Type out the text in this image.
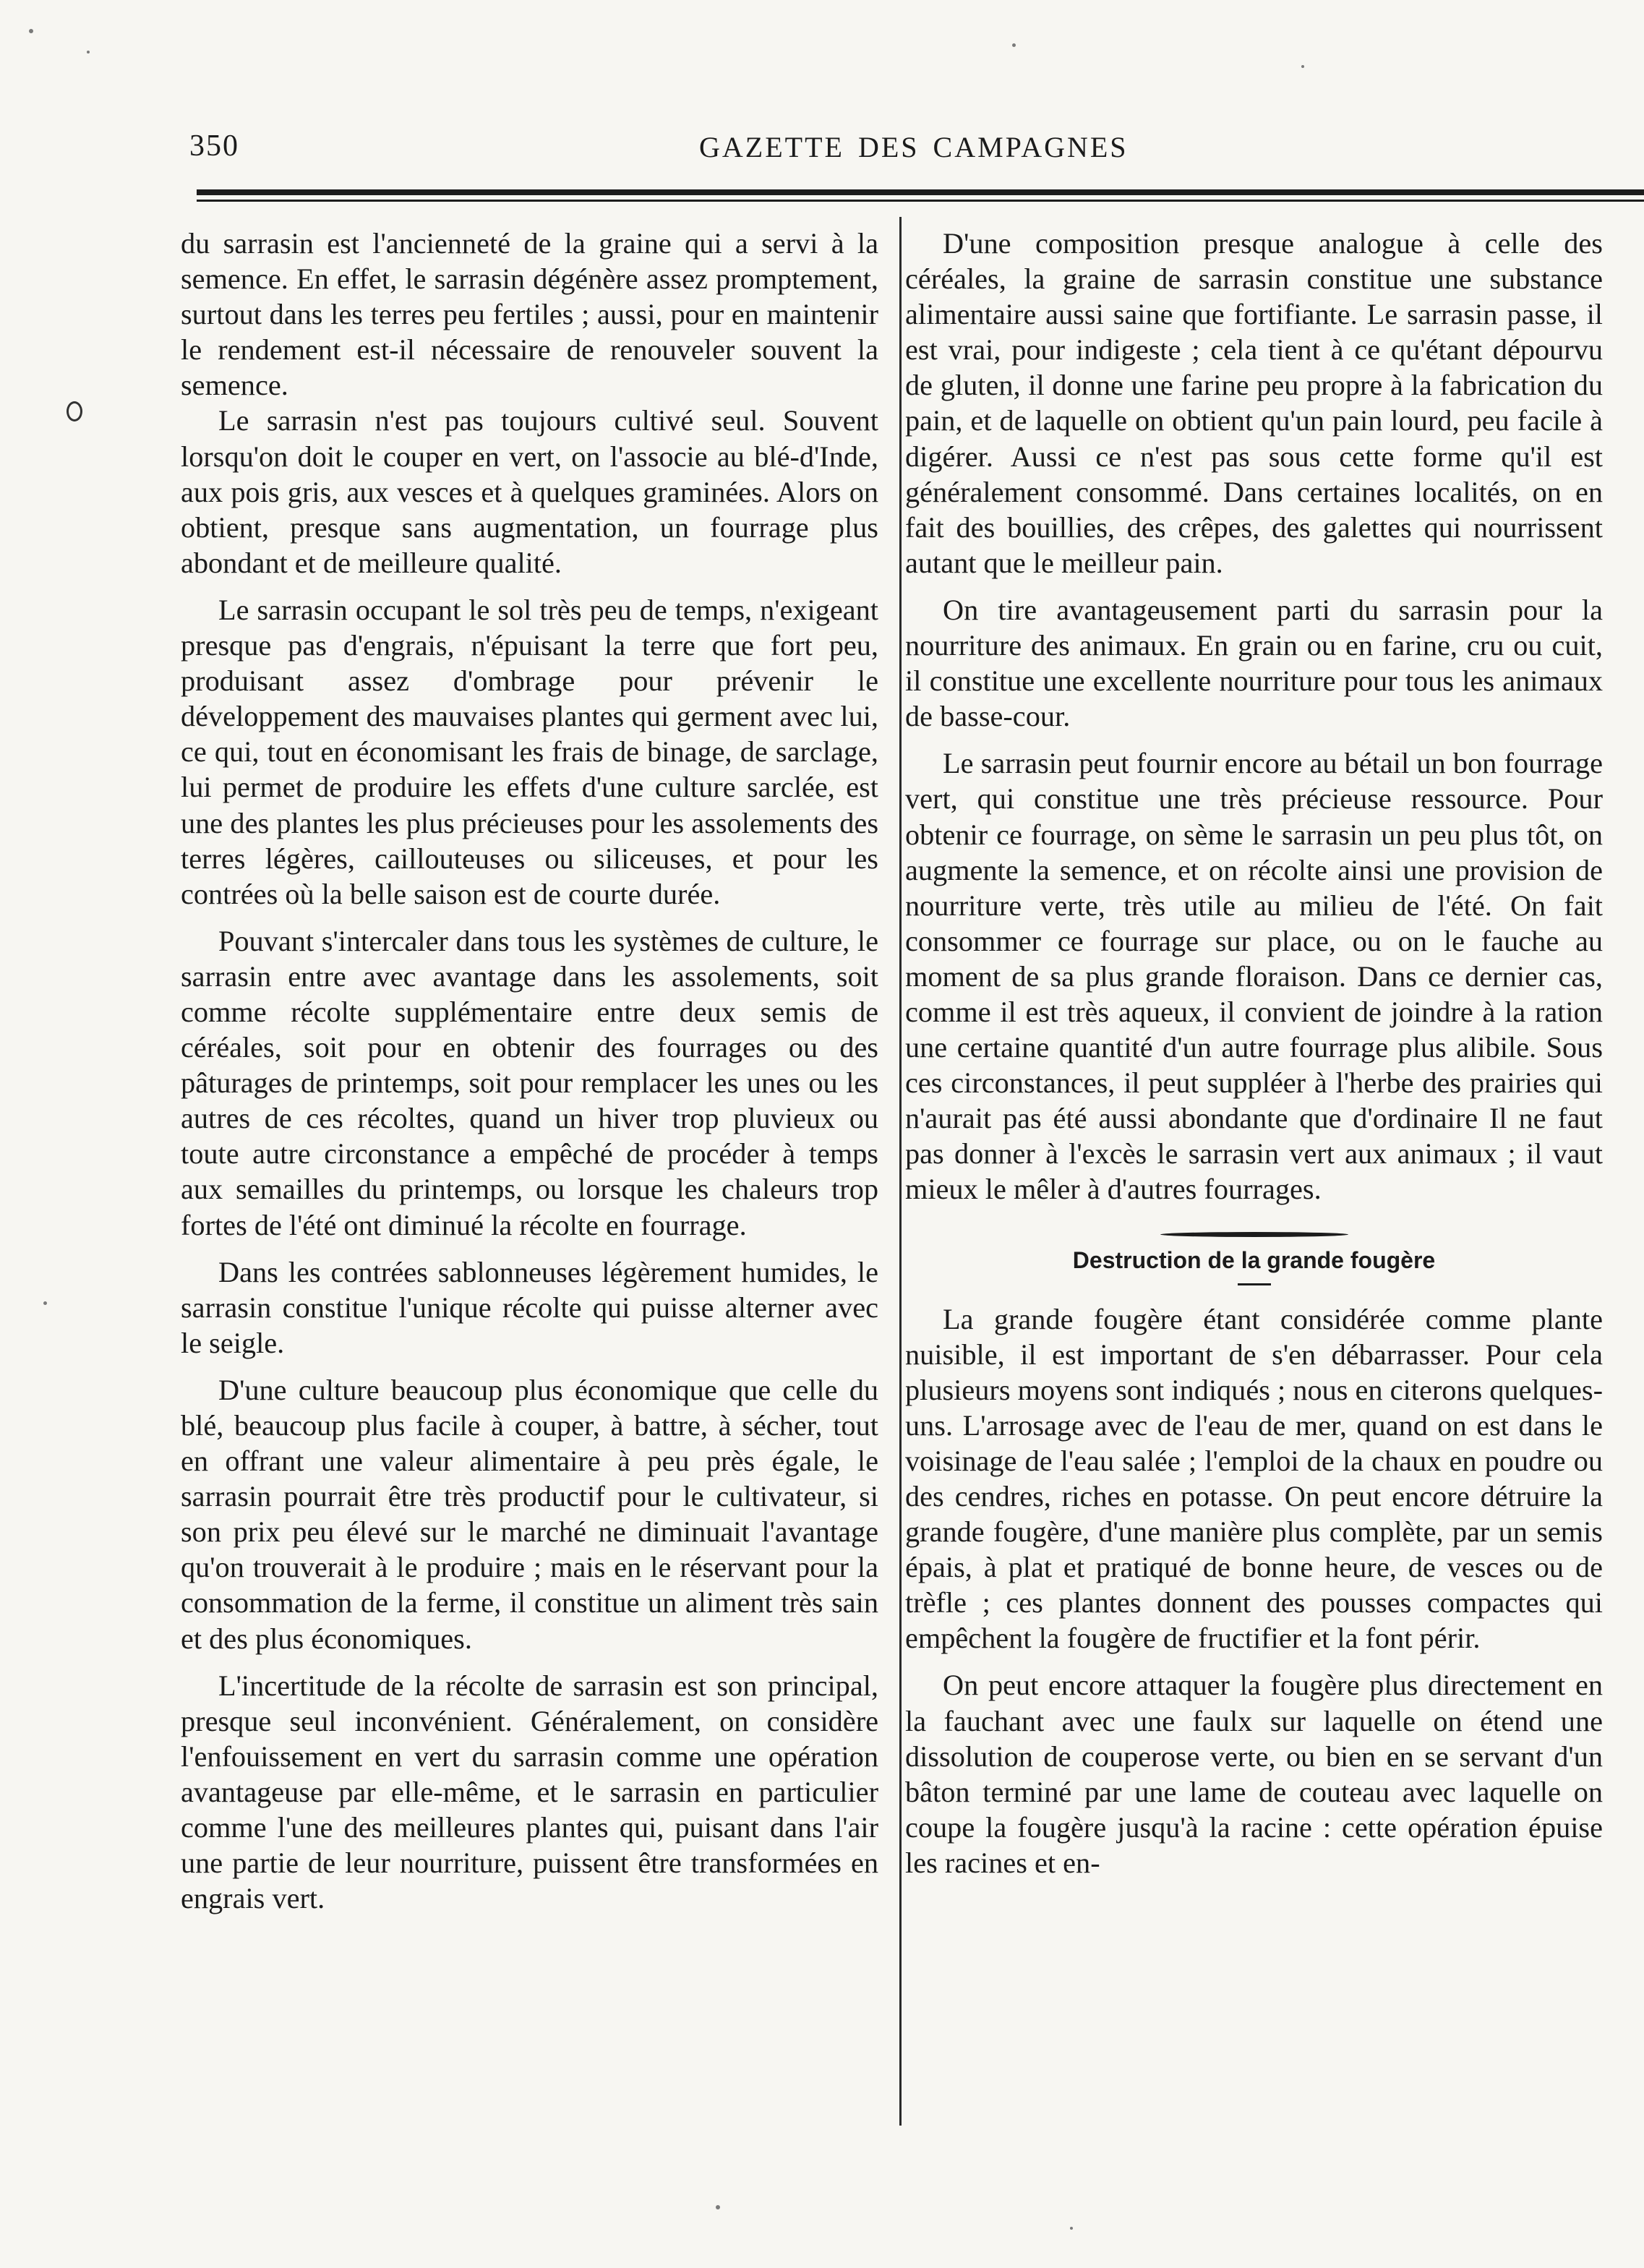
350	GAZETTE DES CAMPAGNES

du sarrasin est l'ancienneté de la graine qui a servi à la semence. En effet, le sarrasin dégénère assez promptement, surtout dans les terres peu fertiles ; aussi, pour en maintenir le rendement est-il nécessaire de renouveler souvent la semence.

Le sarrasin n'est pas toujours cultivé seul. Souvent lorsqu'on doit le couper en vert, on l'associe au blé-d'Inde, aux pois gris, aux vesces et à quelques graminées. Alors on obtient, presque sans augmentation, un fourrage plus abondant et de meilleure qualité.

Le sarrasin occupant le sol très peu de temps, n'exigeant presque pas d'engrais, n'épuisant la terre que fort peu, produisant assez d'ombrage pour prévenir le développement des mauvaises plantes qui germent avec lui, ce qui, tout en économisant les frais de binage, de sarclage, lui permet de produire les effets d'une culture sarclée, est une des plantes les plus précieuses pour les assolements des terres légères, caillouteuses ou siliceuses, et pour les contrées où la belle saison est de courte durée.

Pouvant s'intercaler dans tous les systèmes de culture, le sarrasin entre avec avantage dans les assolements, soit comme récolte supplémentaire entre deux semis de céréales, soit pour en obtenir des fourrages ou des pâturages de printemps, soit pour remplacer les unes ou les autres de ces récoltes, quand un hiver trop pluvieux ou toute autre circonstance a empêché de procéder à temps aux semailles du printemps, ou lorsque les chaleurs trop fortes de l'été ont diminué la récolte en fourrage.

Dans les contrées sablonneuses légèrement humides, le sarrasin constitue l'unique récolte qui puisse alterner avec le seigle.

D'une culture beaucoup plus économique que celle du blé, beaucoup plus facile à couper, à battre, à sécher, tout en offrant une valeur alimentaire à peu près égale, le sarrasin pourrait être très productif pour le cultivateur, si son prix peu élevé sur le marché ne diminuait l'avantage qu'on trouverait à le produire ; mais en le réservant pour la consommation de la ferme, il constitue un aliment très sain et des plus économiques.

L'incertitude de la récolte de sarrasin est son principal, presque seul inconvénient. Généralement, on considère l'enfouissement en vert du sarrasin comme une opération avantageuse par elle-même, et le sarrasin en particulier comme l'une des meilleures plantes qui, puisant dans l'air une partie de leur nourriture, puissent être transformées en engrais vert.

D'une composition presque analogue à celle des céréales, la graine de sarrasin constitue une substance alimentaire aussi saine que fortifiante. Le sarrasin passe, il est vrai, pour indigeste ; cela tient à ce qu'étant dépourvu de gluten, il donne une farine peu propre à la fabrication du pain, et de laquelle on obtient qu'un pain lourd, peu facile à digérer. Aussi ce n'est pas sous cette forme qu'il est généralement consommé. Dans certaines localités, on en fait des bouillies, des crêpes, des galettes qui nourrissent autant que le meilleur pain.

On tire avantageusement parti du sarrasin pour la nourriture des animaux. En grain ou en farine, cru ou cuit, il constitue une excellente nourriture pour tous les animaux de basse-cour.

Le sarrasin peut fournir encore au bétail un bon fourrage vert, qui constitue une très précieuse ressource. Pour obtenir ce fourrage, on sème le sarrasin un peu plus tôt, on augmente la semence, et on récolte ainsi une provision de nourriture verte, très utile au milieu de l'été. On fait consommer ce fourrage sur place, ou on le fauche au moment de sa plus grande floraison. Dans ce dernier cas, comme il est très aqueux, il convient de joindre à la ration une certaine quantité d'un autre fourrage plus alibile. Sous ces circonstances, il peut suppléer à l'herbe des prairies qui n'aurait pas été aussi abondante que d'ordinaire Il ne faut pas donner à l'excès le sarrasin vert aux animaux ; il vaut mieux le mêler à d'autres fourrages.

Destruction de la grande fougère

La grande fougère étant considérée comme plante nuisible, il est important de s'en débarrasser. Pour cela plusieurs moyens sont indiqués ; nous en citerons quelques-uns. L'arrosage avec de l'eau de mer, quand on est dans le voisinage de l'eau salée ; l'emploi de la chaux en poudre ou des cendres, riches en potasse. On peut encore détruire la grande fougère, d'une manière plus complète, par un semis épais, à plat et pratiqué de bonne heure, de vesces ou de trèfle ; ces plantes donnent des pousses compactes qui empêchent la fougère de fructifier et la font périr.

On peut encore attaquer la fougère plus directement en la fauchant avec une faulx sur laquelle on étend une dissolution de couperose verte, ou bien en se servant d'un bâton terminé par une lame de couteau avec laquelle on coupe la fougère jusqu'à la racine : cette opération épuise les racines et en-
